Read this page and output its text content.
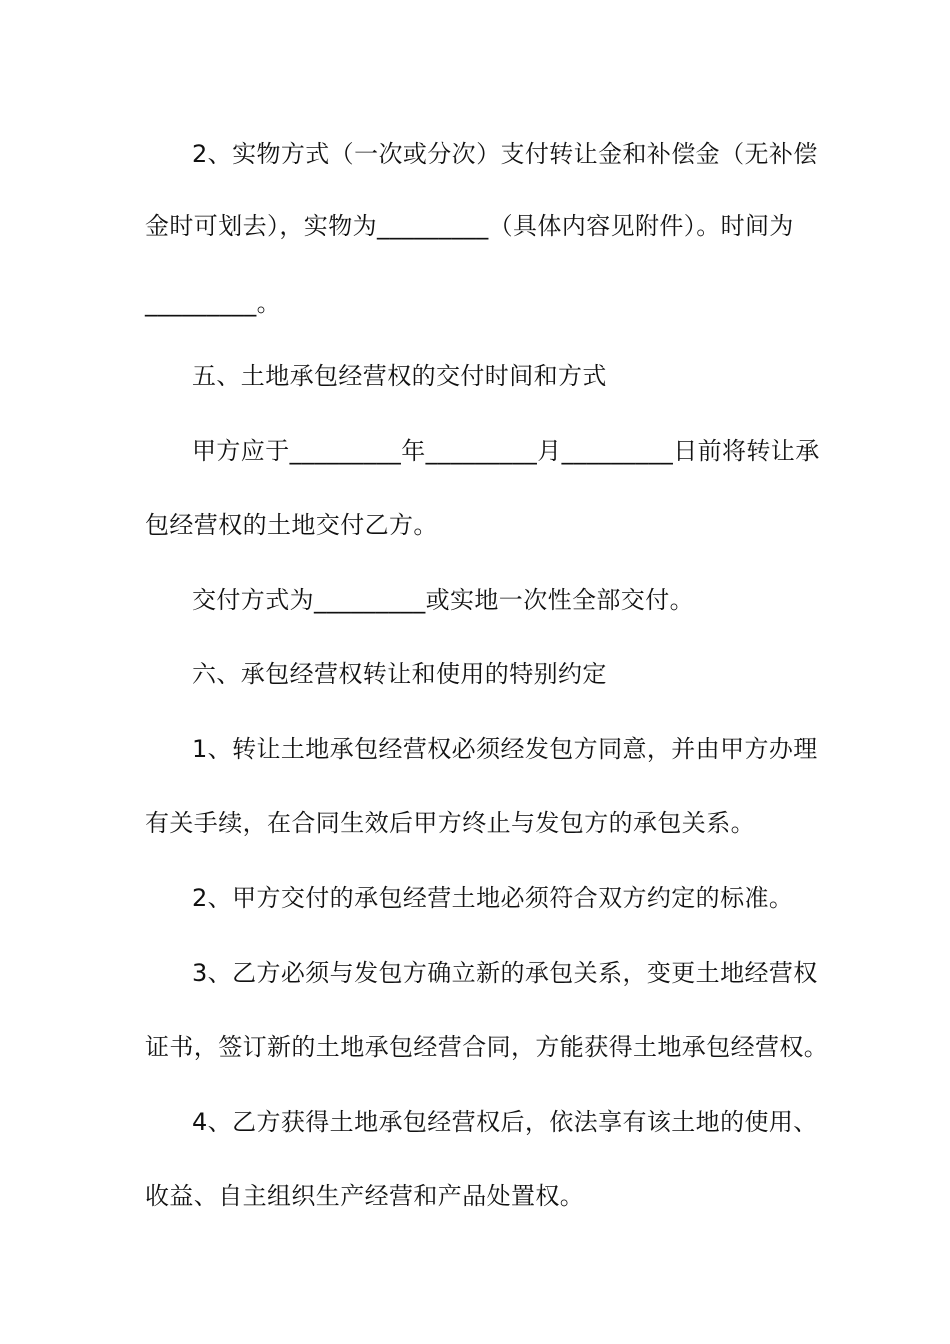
2、实物方式（一次或分次）支付转让金和补偿金（无补偿
金时可划去），实物为_________（具体内容见附件）。时间为
_________。
五、土地承包经营权的交付时间和方式
甲方应于_________年_________月_________日前将转让承
包经营权的土地交付乙方。
交付方式为_________或实地一次性全部交付。
六、承包经营权转让和使用的特别约定
1、转让土地承包经营权必须经发包方同意，并由甲方办理
有关手续，在合同生效后甲方终止与发包方的承包关系。
2、甲方交付的承包经营土地必须符合双方约定的标准。
3、乙方必须与发包方确立新的承包关系，变更土地经营权
证书，签订新的土地承包经营合同，方能获得土地承包经营权。
4、乙方获得土地承包经营权后，依法享有该土地的使用、
收益、自主组织生产经营和产品处置权。
